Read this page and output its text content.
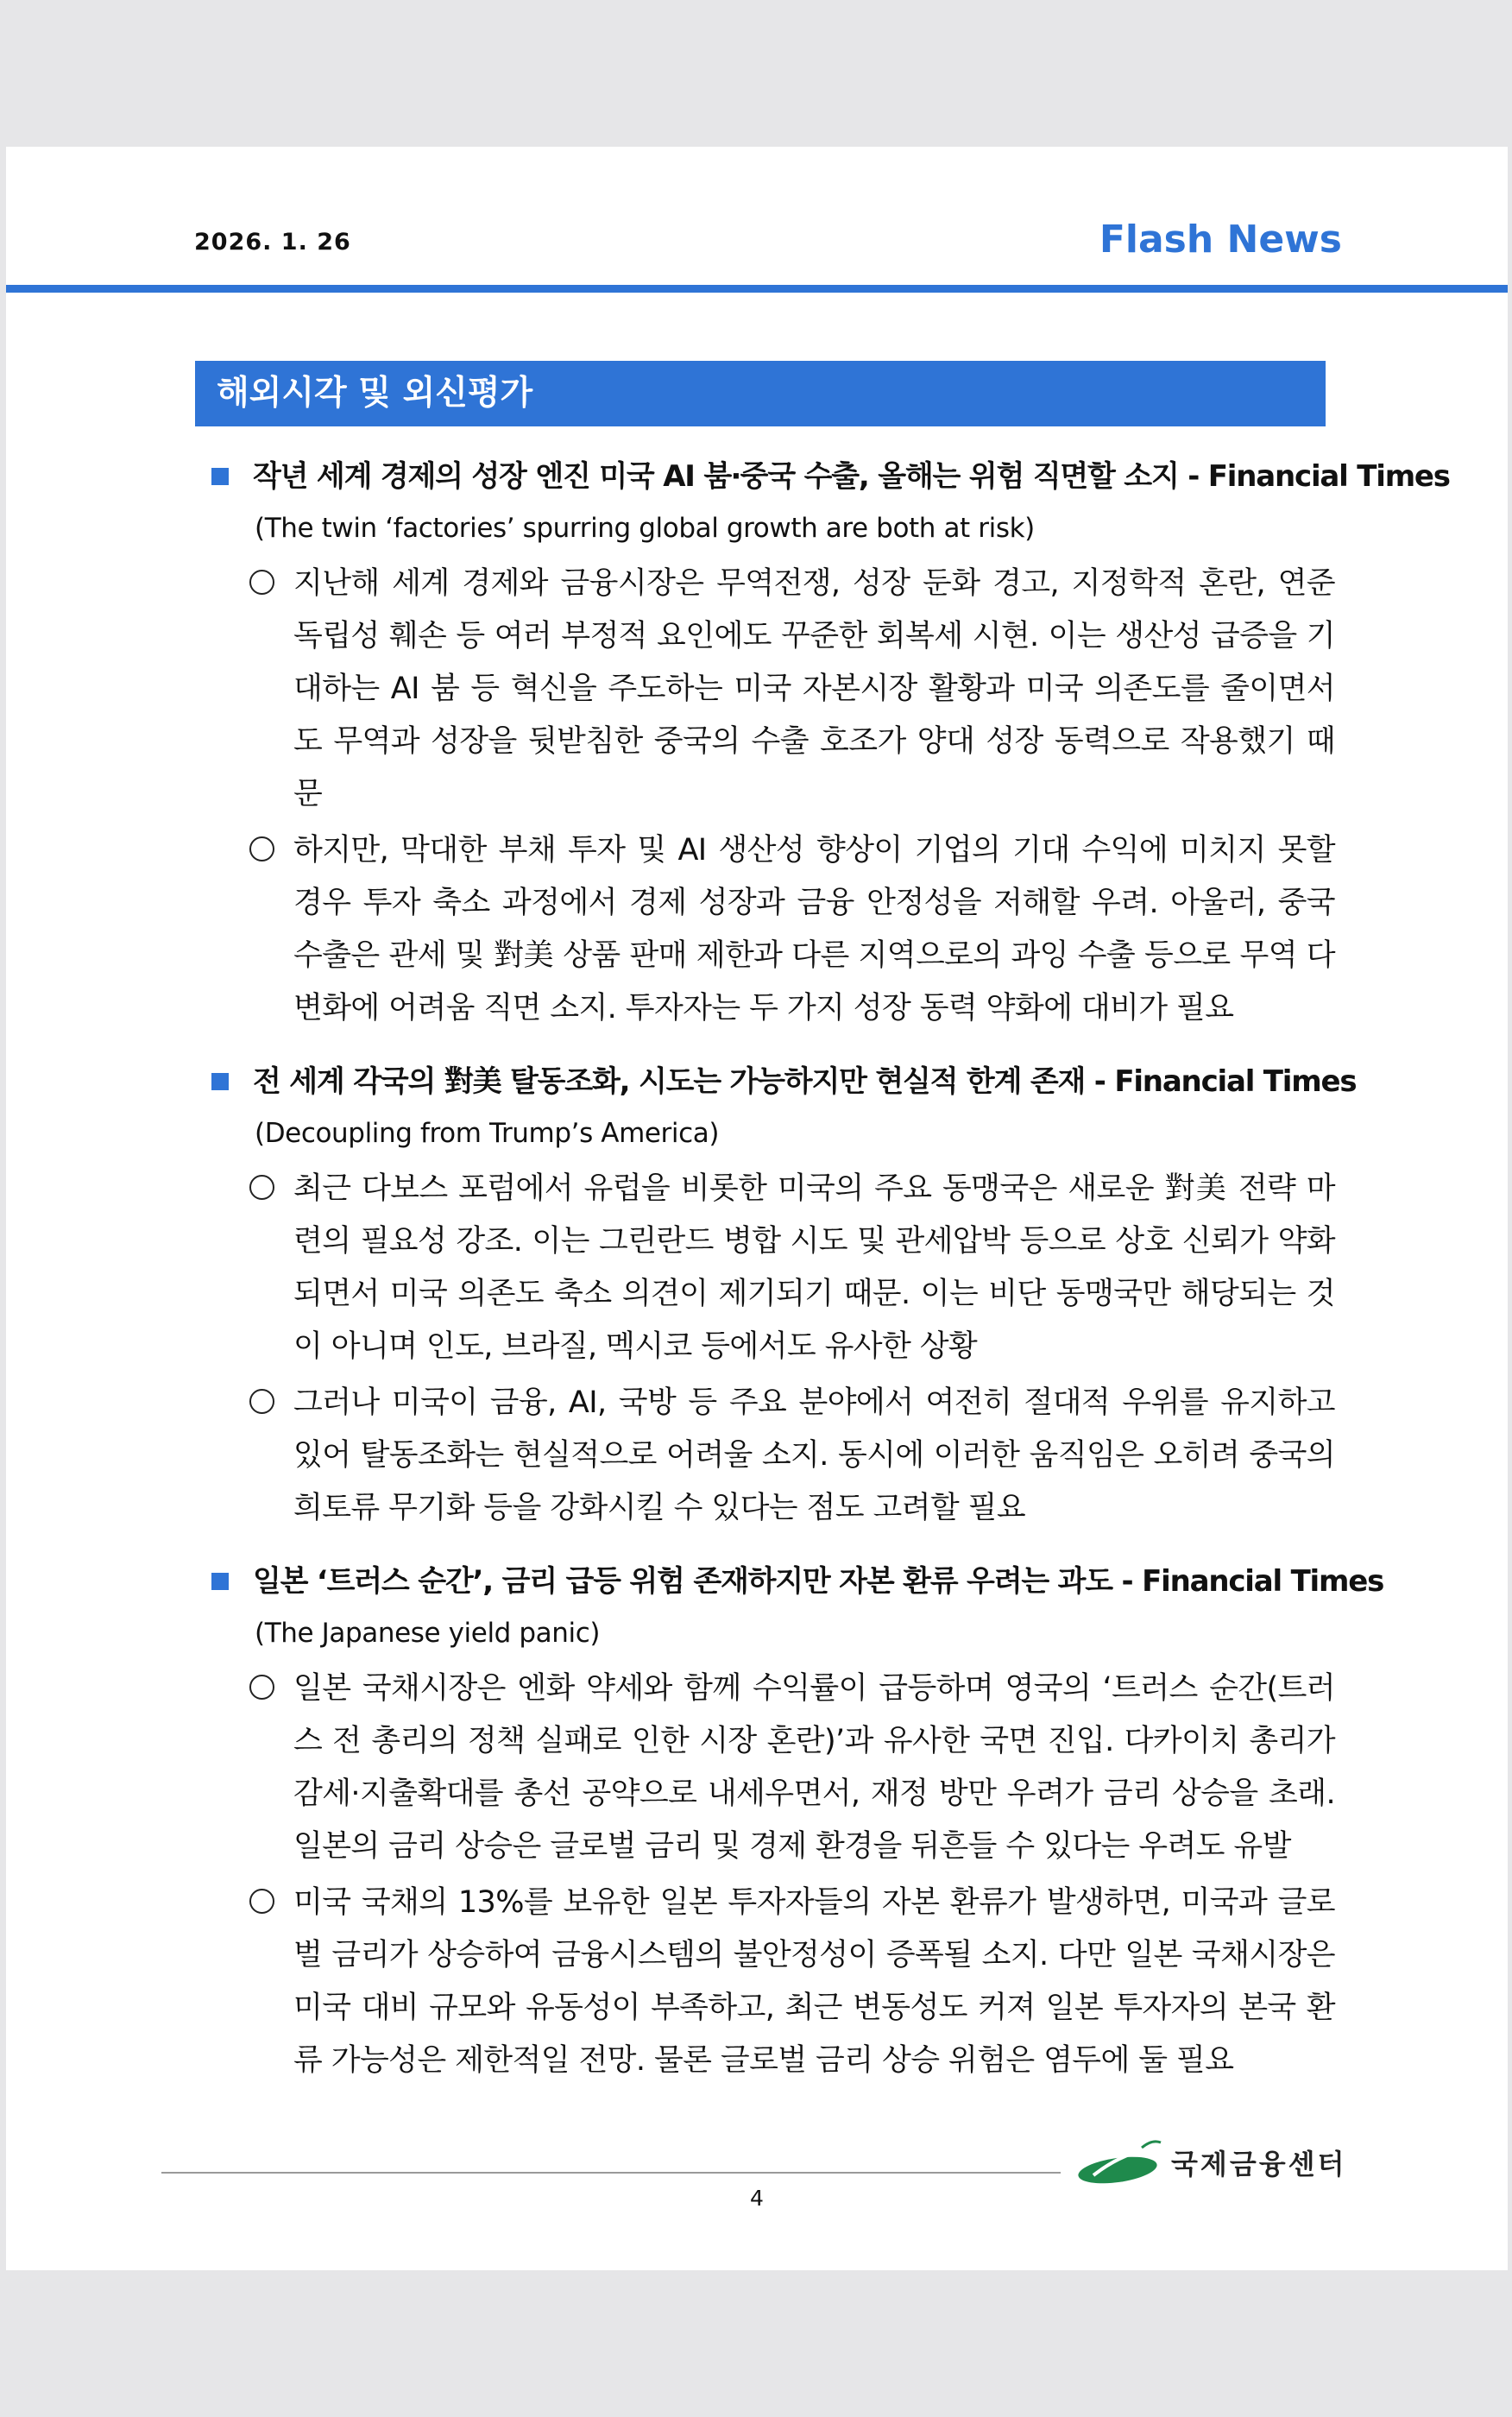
2026. 1. 26	Flash News
해외시각 및 외신평가
작년 세계 경제의 성장 엔진 미국 AI 붐‧중국 수출, 올해는 위험 직면할 소지 - Financial Times
(The twin ‘factories’ spurring global growth are both at risk)
지난해 세계 경제와 금융시장은 무역전쟁, 성장 둔화 경고, 지정학적 혼란, 연준 독립성 훼손 등 여러 부정적 요인에도 꾸준한 회복세 시현. 이는 생산성 급증을 기대하는 AI 붐 등 혁신을 주도하는 미국 자본시장 활황과 미국 의존도를 줄이면서도 무역과 성장을 뒷받침한 중국의 수출 호조가 양대 성장 동력으로 작용했기 때문
하지만, 막대한 부채 투자 및 AI 생산성 향상이 기업의 기대 수익에 미치지 못할 경우 투자 축소 과정에서 경제 성장과 금융 안정성을 저해할 우려. 아울러, 중국 수출은 관세 및 對美 상품 판매 제한과 다른 지역으로의 과잉 수출 등으로 무역 다변화에 어려움 직면 소지. 투자자는 두 가지 성장 동력 약화에 대비가 필요
전 세계 각국의 對美 탈동조화, 시도는 가능하지만 현실적 한계 존재 - Financial Times
(Decoupling from Trump’s America)
최근 다보스 포럼에서 유럽을 비롯한 미국의 주요 동맹국은 새로운 對美 전략 마련의 필요성 강조. 이는 그린란드 병합 시도 및 관세압박 등으로 상호 신뢰가 약화되면서 미국 의존도 축소 의견이 제기되기 때문. 이는 비단 동맹국만 해당되는 것이 아니며 인도, 브라질, 멕시코 등에서도 유사한 상황
그러나 미국이 금융, AI, 국방 등 주요 분야에서 여전히 절대적 우위를 유지하고 있어 탈동조화는 현실적으로 어려울 소지. 동시에 이러한 움직임은 오히려 중국의 희토류 무기화 등을 강화시킬 수 있다는 점도 고려할 필요
일본 ‘트러스 순간’, 금리 급등 위험 존재하지만 자본 환류 우려는 과도 - Financial Times
(The Japanese yield panic)
일본 국채시장은 엔화 약세와 함께 수익률이 급등하며 영국의 ‘트러스 순간(트러스 전 총리의 정책 실패로 인한 시장 혼란)’과 유사한 국면 진입. 다카이치 총리가 감세·지출확대를 총선 공약으로 내세우면서, 재정 방만 우려가 금리 상승을 초래. 일본의 금리 상승은 글로벌 금리 및 경제 환경을 뒤흔들 수 있다는 우려도 유발
미국 국채의 13%를 보유한 일본 투자자들의 자본 환류가 발생하면, 미국과 글로벌 금리가 상승하여 금융시스템의 불안정성이 증폭될 소지. 다만 일본 국채시장은 미국 대비 규모와 유동성이 부족하고, 최근 변동성도 커져 일본 투자자의 본국 환류 가능성은 제한적일 전망. 물론 글로벌 금리 상승 위험은 염두에 둘 필요
국제금융센터
4
